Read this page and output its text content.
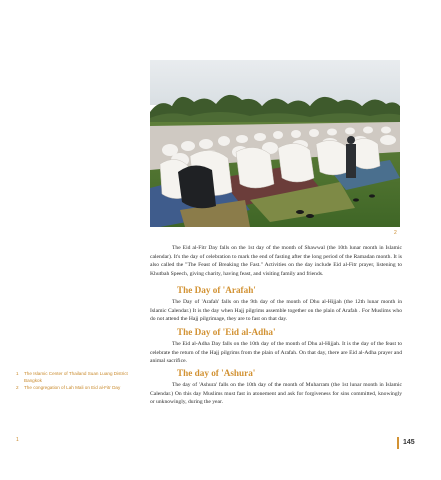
2

The Eid al-Fitr Day falls on the 1st day of the month of Shawwal (the 10th lunar month in Islamic calendar). It's the day of celebration to mark the end of fasting after the long period of the Ramadan month. It is also called the "The Feast of Breaking the Fast." Activities on the day include Eid al-Fitr prayer, listening to Khutbah Speech, giving charity, having feast, and visiting family and friends.

The Day of 'Arafah'

The Day of 'Arafah' falls on the 9th day of the month of Dhu al-Hijjah (the 12th lunar month in Islamic Calendar.) It is the day when Hajj pilgrims assemble together on the plain of Arafah . For Muslims who do not attend the Hajj pilgrimage, they are to fast on that day.

The Day of 'Eid al-Adha'

The Eid al-Adha Day falls on the 10th day of the month of Dhu al-Hijjah. It is the day of the feast to celebrate the return of the Hajj pilgrims from the plain of Arafah. On that day, there are Eid al-Adha prayer and animal sacrifice.

The day of 'Ashura'

The day of 'Ashura' falls on the 10th day of the month of Muharram (the 1st lunar month in Islamic Calendar.) On this day Muslims must fast in atonement and ask for forgiveness for sins committed, knowingly or unknowingly, during the year.

1	The Islamic Center of Thailand Suan Luang District Bangkok
2	The congregation of Lah Mali on Eid al-Fitr Day
1	145
